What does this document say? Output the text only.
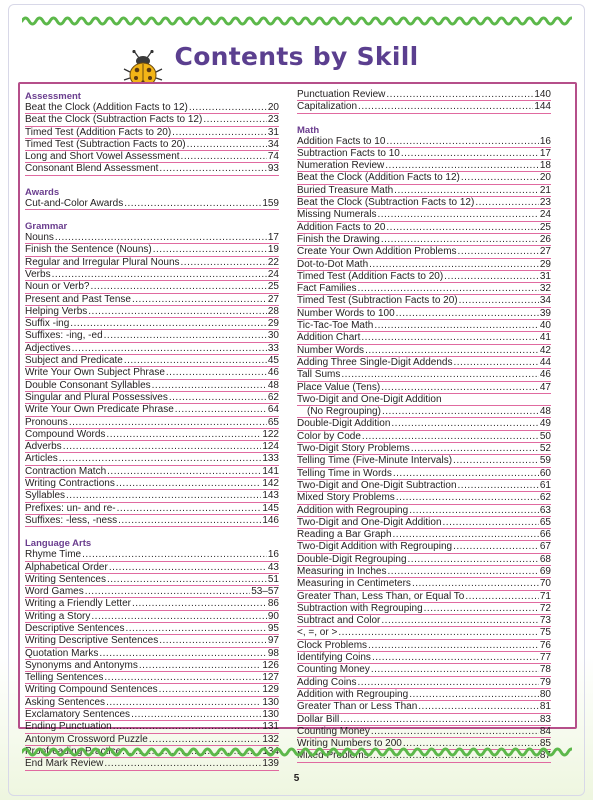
Contents by Skill
Assessment
Beat the Clock (Addition Facts to 12) .....	20
Beat the Clock (Subtraction Facts to 12) .....	23
Timed Test (Addition Facts to 20) .....	31
Timed Test (Subtraction Facts to 20) .....	34
Long and Short Vowel Assessment .....	74
Consonant Blend Assessment .....	93
Awards
Cut-and-Color Awards .....	159
Grammar
Nouns .....	17
Finish the Sentence (Nouns) .....	19
Regular and Irregular Plural Nouns .....	22
Verbs .....	24
Noun or Verb? .....	25
Present and Past Tense .....	27
Helping Verbs .....	28
Suffix -ing .....	29
Suffixes: -ing, -ed .....	30
Adjectives .....	33
Subject and Predicate .....	45
Write Your Own Subject Phrase .....	46
Double Consonant Syllables .....	48
Singular and Plural Possessives .....	62
Write Your Own Predicate Phrase .....	64
Pronouns .....	65
Compound Words .....	122
Adverbs .....	124
Articles .....	133
Contraction Match .....	141
Writing Contractions .....	142
Syllables .....	143
Prefixes: un- and re- .....	145
Suffixes: -less, -ness .....	146
Language Arts
Rhyme Time .....	16
Alphabetical Order .....	43
Writing Sentences .....	51
Word Games .....	53–57
Writing a Friendly Letter .....	86
Writing a Story .....	90
Descriptive Sentences .....	95
Writing Descriptive Sentences .....	97
Quotation Marks .....	98
Synonyms and Antonyms .....	126
Telling Sentences .....	127
Writing Compound Sentences .....	129
Asking Sentences .....	130
Exclamatory Sentences .....	130
Ending Punctuation .....	131
Antonym Crossword Puzzle .....	132
Proofreading Practice .....	134
End Mark Review .....	139
Punctuation Review .....	140
Capitalization .....	144
Math
Addition Facts to 10 .....	16
Subtraction Facts to 10 .....	17
Numeration Review .....	18
Beat the Clock (Addition Facts to 12) .....	20
Buried Treasure Math .....	21
Beat the Clock (Subtraction Facts to 12) .....	23
Missing Numerals .....	24
Addition Facts to 20 .....	25
Finish the Drawing .....	26
Create Your Own Addition Problems .....	27
Dot-to-Dot Math .....	29
Timed Test (Addition Facts to 20) .....	31
Fact Families .....	32
Timed Test (Subtraction Facts to 20) .....	34
Number Words to 100 .....	39
Tic-Tac-Toe Math .....	40
Addition Chart .....	41
Number Words .....	42
Adding Three Single-Digit Addends .....	44
Tall Sums .....	46
Place Value (Tens) .....	47
Two-Digit and One-Digit Addition
(No Regrouping) .....	48
Double-Digit Addition .....	49
Color by Code .....	50
Two-Digit Story Problems .....	52
Telling Time (Five-Minute Intervals) .....	59
Telling Time in Words .....	60
Two-Digit and One-Digit Subtraction .....	61
Mixed Story Problems .....	62
Addition with Regrouping .....	63
Two-Digit and One-Digit Addition .....	65
Reading a Bar Graph .....	66
Two-Digit Addition with Regrouping .....	67
Double-Digit Regrouping .....	68
Measuring in Inches .....	69
Measuring in Centimeters .....	70
Greater Than, Less Than, or Equal To .....	71
Subtraction with Regrouping .....	72
Subtract and Color .....	73
<, =, or > .....	75
Clock Problems .....	76
Identifying Coins .....	77
Counting Money .....	78
Adding Coins .....	79
Addition with Regrouping .....	80
Greater Than or Less Than .....	81
Dollar Bill .....	83
Counting Money .....	84
Writing Numbers to 200 .....	85
Mixed Problems .....	87
5
